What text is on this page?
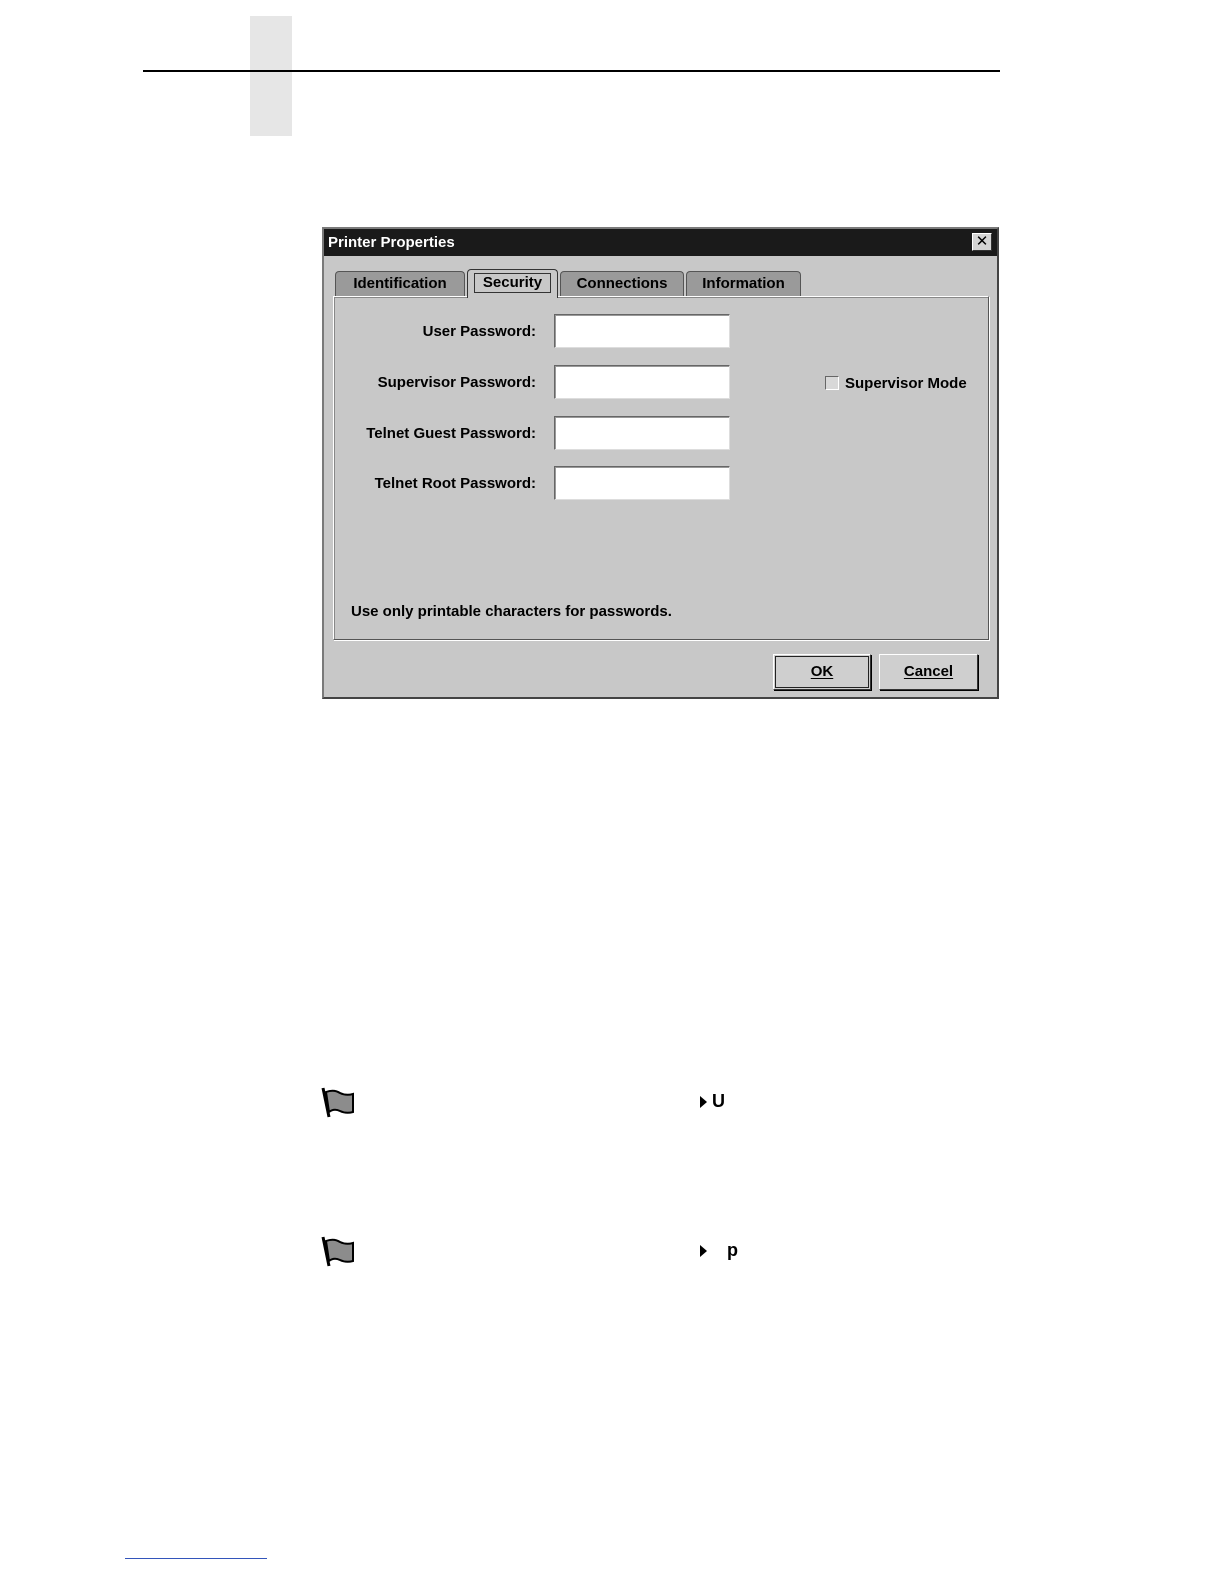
Printer Properties	✕
Identification	Security	Connections	Information
User Password:
Supervisor Password:
Telnet Guest Password:
Telnet Root Password:
Supervisor Mode
Use only printable characters for passwords.
OK	Cancel
U
p
